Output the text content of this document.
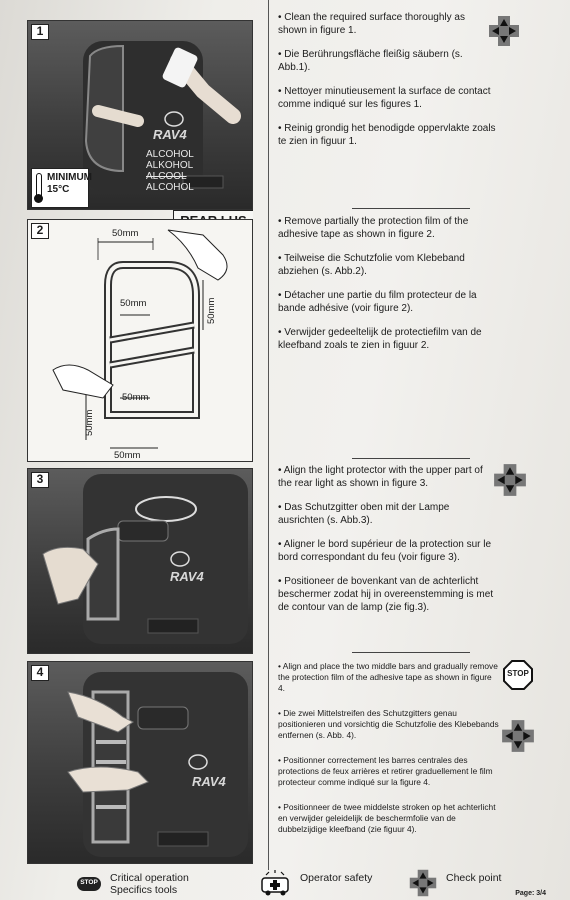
1
RAV4
ALCOHOL
ALKOHOL
ALCOOL
ALCOHOL
MINIMUM
15°C

• Clean the required surface thoroughly as shown in figure 1.

• Die Berührungsfläche fleißig säubern (s. Abb.1).

• Nettoyer minutieusement la surface de contact comme indiqué sur les figures 1.

• Reinig grondig het benodigde oppervlakte zoals te zien in figuur 1.

2	50mm
50mm	50mm
50mm
50mm
50mm

• Remove partially the protection film of the adhesive tape as shown in figure 2.

• Teilweise die Schutzfolie vom Klebeband abziehen (s. Abb.2).

• Détacher une partie du film protecteur de la bande adhésive (voir figure 2).

• Verwijder gedeeltelijk de protectiefilm van de kleefband zoals te zien in figuur 2.

3
RAV4

• Align the light protector with the upper part of the rear light as shown in figure 3.

• Das Schutzgitter oben mit der Lampe ausrichten (s. Abb.3).

• Aligner le bord supérieur de la protection sur le bord correspondant du feu (voir figure 3).

• Positioneer de bovenkant van de achterlicht beschermer zodat hij in overeenstemming is met de contour van de lamp (zie fig.3).

4
RAV4

• Align and place the two middle bars and gradually remove the protection film of the adhesive tape as shown in figure 4.

• Die zwei Mittelstreifen des Schutzgitters genau positionieren und vorsichtig die Schutzfolie des Klebebands entfernen (s. Abb. 4).

• Positionner correctement les barres centrales des protections de feux arrières et retirer graduellement le film protecteur comme indiqué sur la figure 4.

• Positionneer de twee middelste stroken op het achterlicht en verwijder geleidelijk de beschermfolie van de dubbelzijdige kleefband (zie figuur 4).

STOP
STOP	Critical operation
Specifics tools
Operator safety	Check point
Page: 3/4
